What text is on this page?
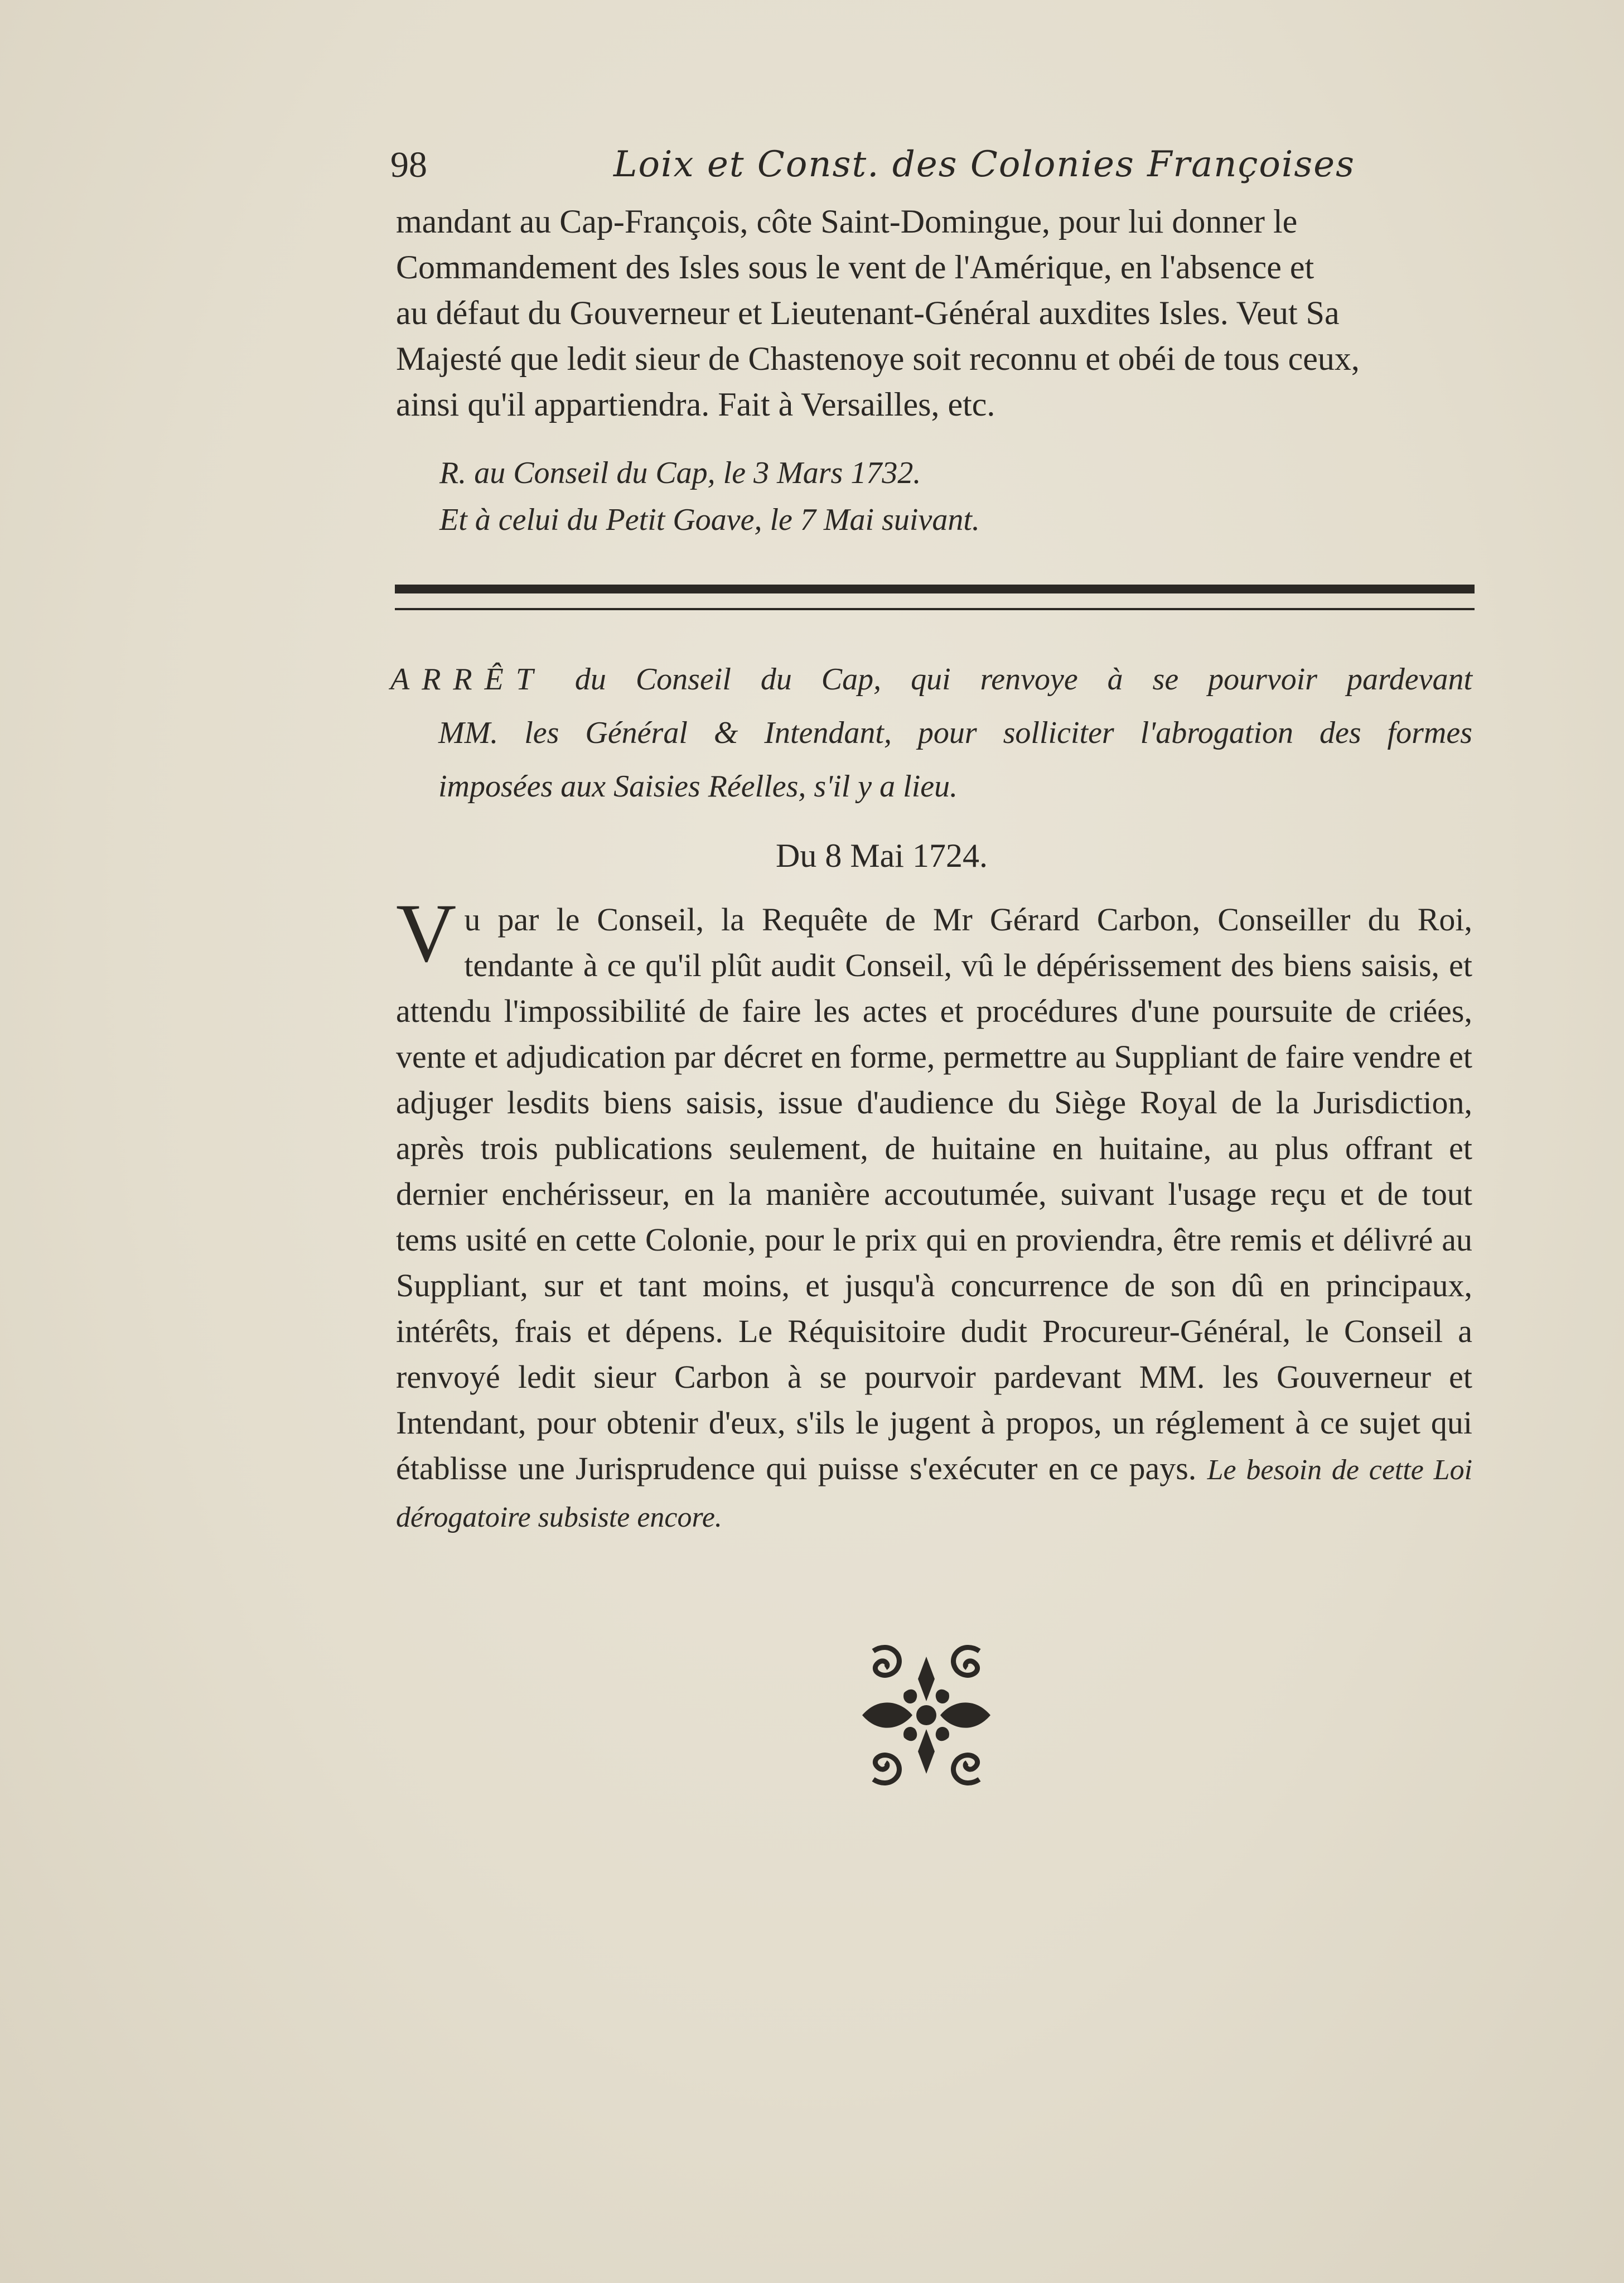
98	Loix et Const. des Colonies Françoises

mandant au Cap-François, côte Saint-Domingue, pour lui donner le

Commandement des Isles sous le vent de l'Amérique, en l'absence et

au défaut du Gouverneur et Lieutenant-Général auxdites Isles. Veut Sa

Majesté que ledit sieur de Chastenoye soit reconnu et obéi de tous ceux,

ainsi qu'il appartiendra. Fait à Versailles, etc.

R. au Conseil du Cap, le 3 Mars 1732.
Et à celui du Petit Goave, le 7 Mai suivant.
ARRÊT du Conseil du Cap, qui renvoye à se pourvoir pardevant
MM. les Général & Intendant, pour solliciter l'abrogation des formes
imposées aux Saisies Réelles, s'il y a lieu.
Du 8 Mai 1724.

Vu par le Conseil, la Requête de Mr Gérard Carbon, Conseiller du Roi, tendante à ce qu'il plût audit Conseil, vû le dépérissement des biens saisis, et attendu l'impossibilité de faire les actes et procédures d'une poursuite de criées, vente et adjudication par décret en forme, permettre au Suppliant de faire vendre et adjuger lesdits biens saisis, issue d'audience du Siège Royal de la Jurisdiction, après trois publications seulement, de huitaine en huitaine, au plus offrant et dernier enchérisseur, en la manière accoutumée, suivant l'usage reçu et de tout tems usité en cette Colonie, pour le prix qui en proviendra, être remis et délivré au Suppliant, sur et tant moins, et jusqu'à concurrence de son dû en principaux, intérêts, frais et dépens. Le Réquisitoire dudit Procureur-Général, le Conseil a renvoyé ledit sieur Carbon à se pourvoir pardevant MM. les Gouverneur et Intendant, pour obtenir d'eux, s'ils le jugent à propos, un réglement à ce sujet qui établisse une Jurisprudence qui puisse s'exécuter en ce pays. Le besoin de cette Loi dérogatoire subsiste encore.
